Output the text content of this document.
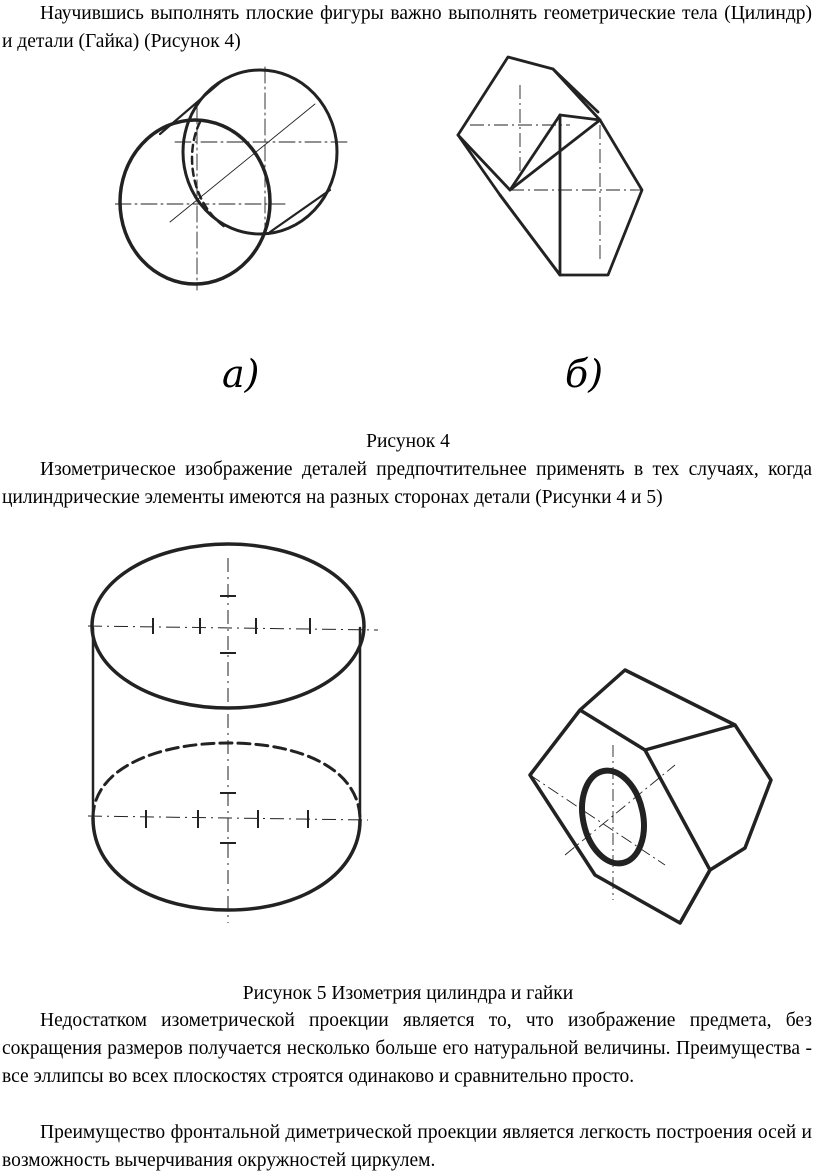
Научившись выполнять плоские фигуры важно выполнять геометрические тела (Цилиндр) и детали (Гайка) (Рисунок 4)

а)	б)
Рисунок 4

Изометрическое изображение деталей предпочтительнее применять в тех случаях, когда цилиндрические элементы имеются на разных сторонах детали (Рисунки 4 и 5)

Рисунок 5 Изометрия цилиндра и гайки

Недостатком изометрической проекции является то, что изображение предмета, без сокращения размеров получается несколько больше его натуральной величины. Преимущества - все эллипсы во всех плоскостях строятся одинаково и сравнительно просто.

Преимущество фронтальной диметрической проекции является легкость построения осей и возможность вычерчивания окружностей циркулем.
